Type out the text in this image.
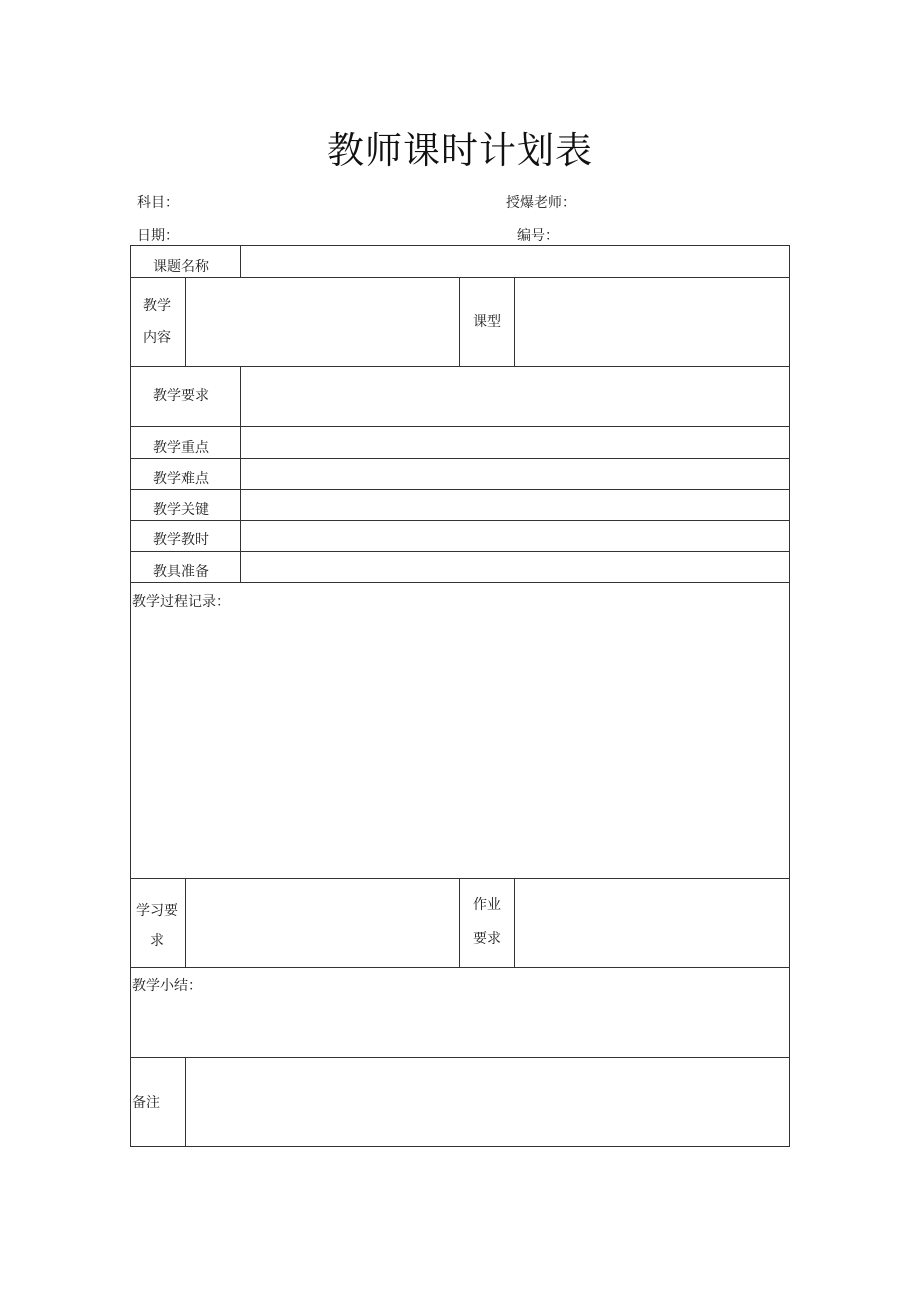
教师课时计划表
科目：	授爆老师：
日期：	编号：
课题名称
教学
内容
课型
教学要求
教学重点
教学难点
教学关键
教学教时
教具准备
教学过程记录：
学习要
求
作业
要求
教学小结：
备注
